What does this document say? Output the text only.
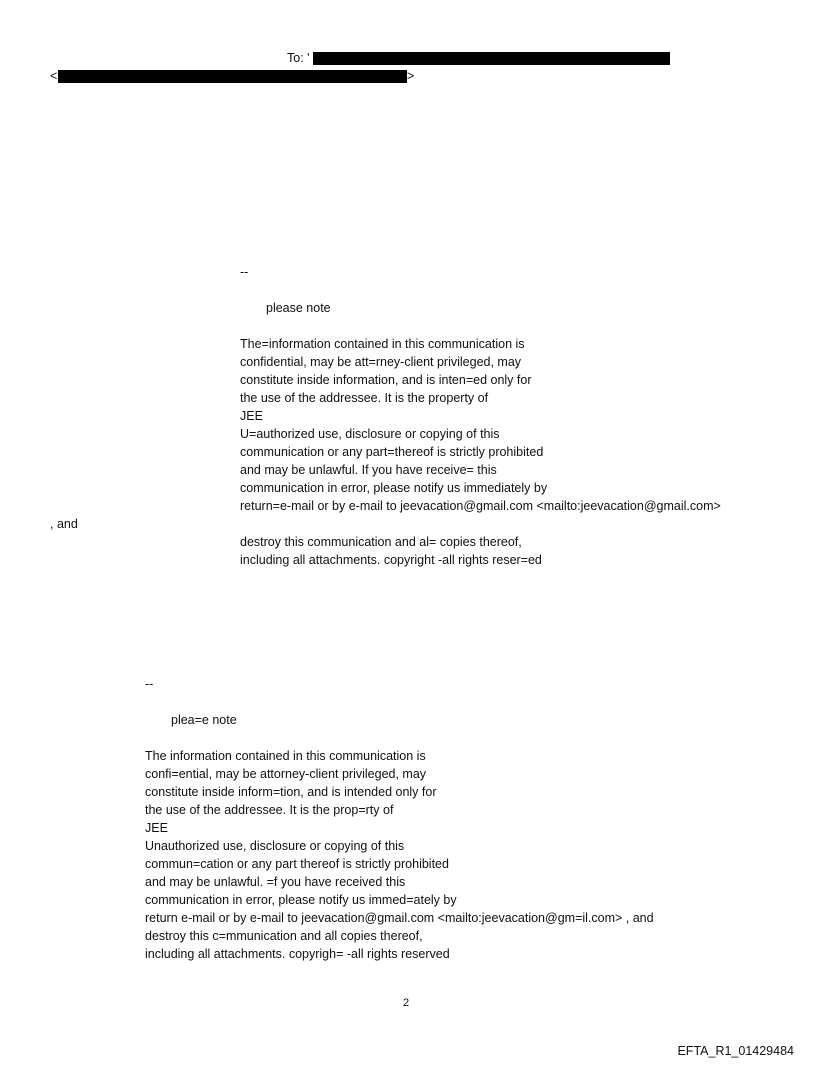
To: '
<	>
--
please note
The=information contained in this communication is
confidential, may be att=rney-client privileged, may
constitute inside information, and is inten=ed only for
the use of the addressee. It is the property of
JEE
U=authorized use, disclosure or copying of this
communication or any part=thereof is strictly prohibited
and may be unlawful. If you have receive= this
communication in error, please notify us immediately by
return=e-mail or by e-mail to jeevacation@gmail.com <mailto:jeevacation@gmail.com>
, and
destroy this communication and al= copies thereof,
including all attachments. copyright -all rights reser=ed
--
plea=e note
The information contained in this communication is
confi=ential, may be attorney-client privileged, may
constitute inside inform=tion, and is intended only for
the use of the addressee. It is the prop=rty of
JEE
Unauthorized use, disclosure or copying of this
commun=cation or any part thereof is strictly prohibited
and may be unlawful. =f you have received this
communication in error, please notify us immed=ately by
return e-mail or by e-mail to jeevacation@gmail.com <mailto:jeevacation@gm=il.com> , and
destroy this c=mmunication and all copies thereof,
including all attachments. copyrigh= -all rights reserved
2
EFTA_R1_01429484
